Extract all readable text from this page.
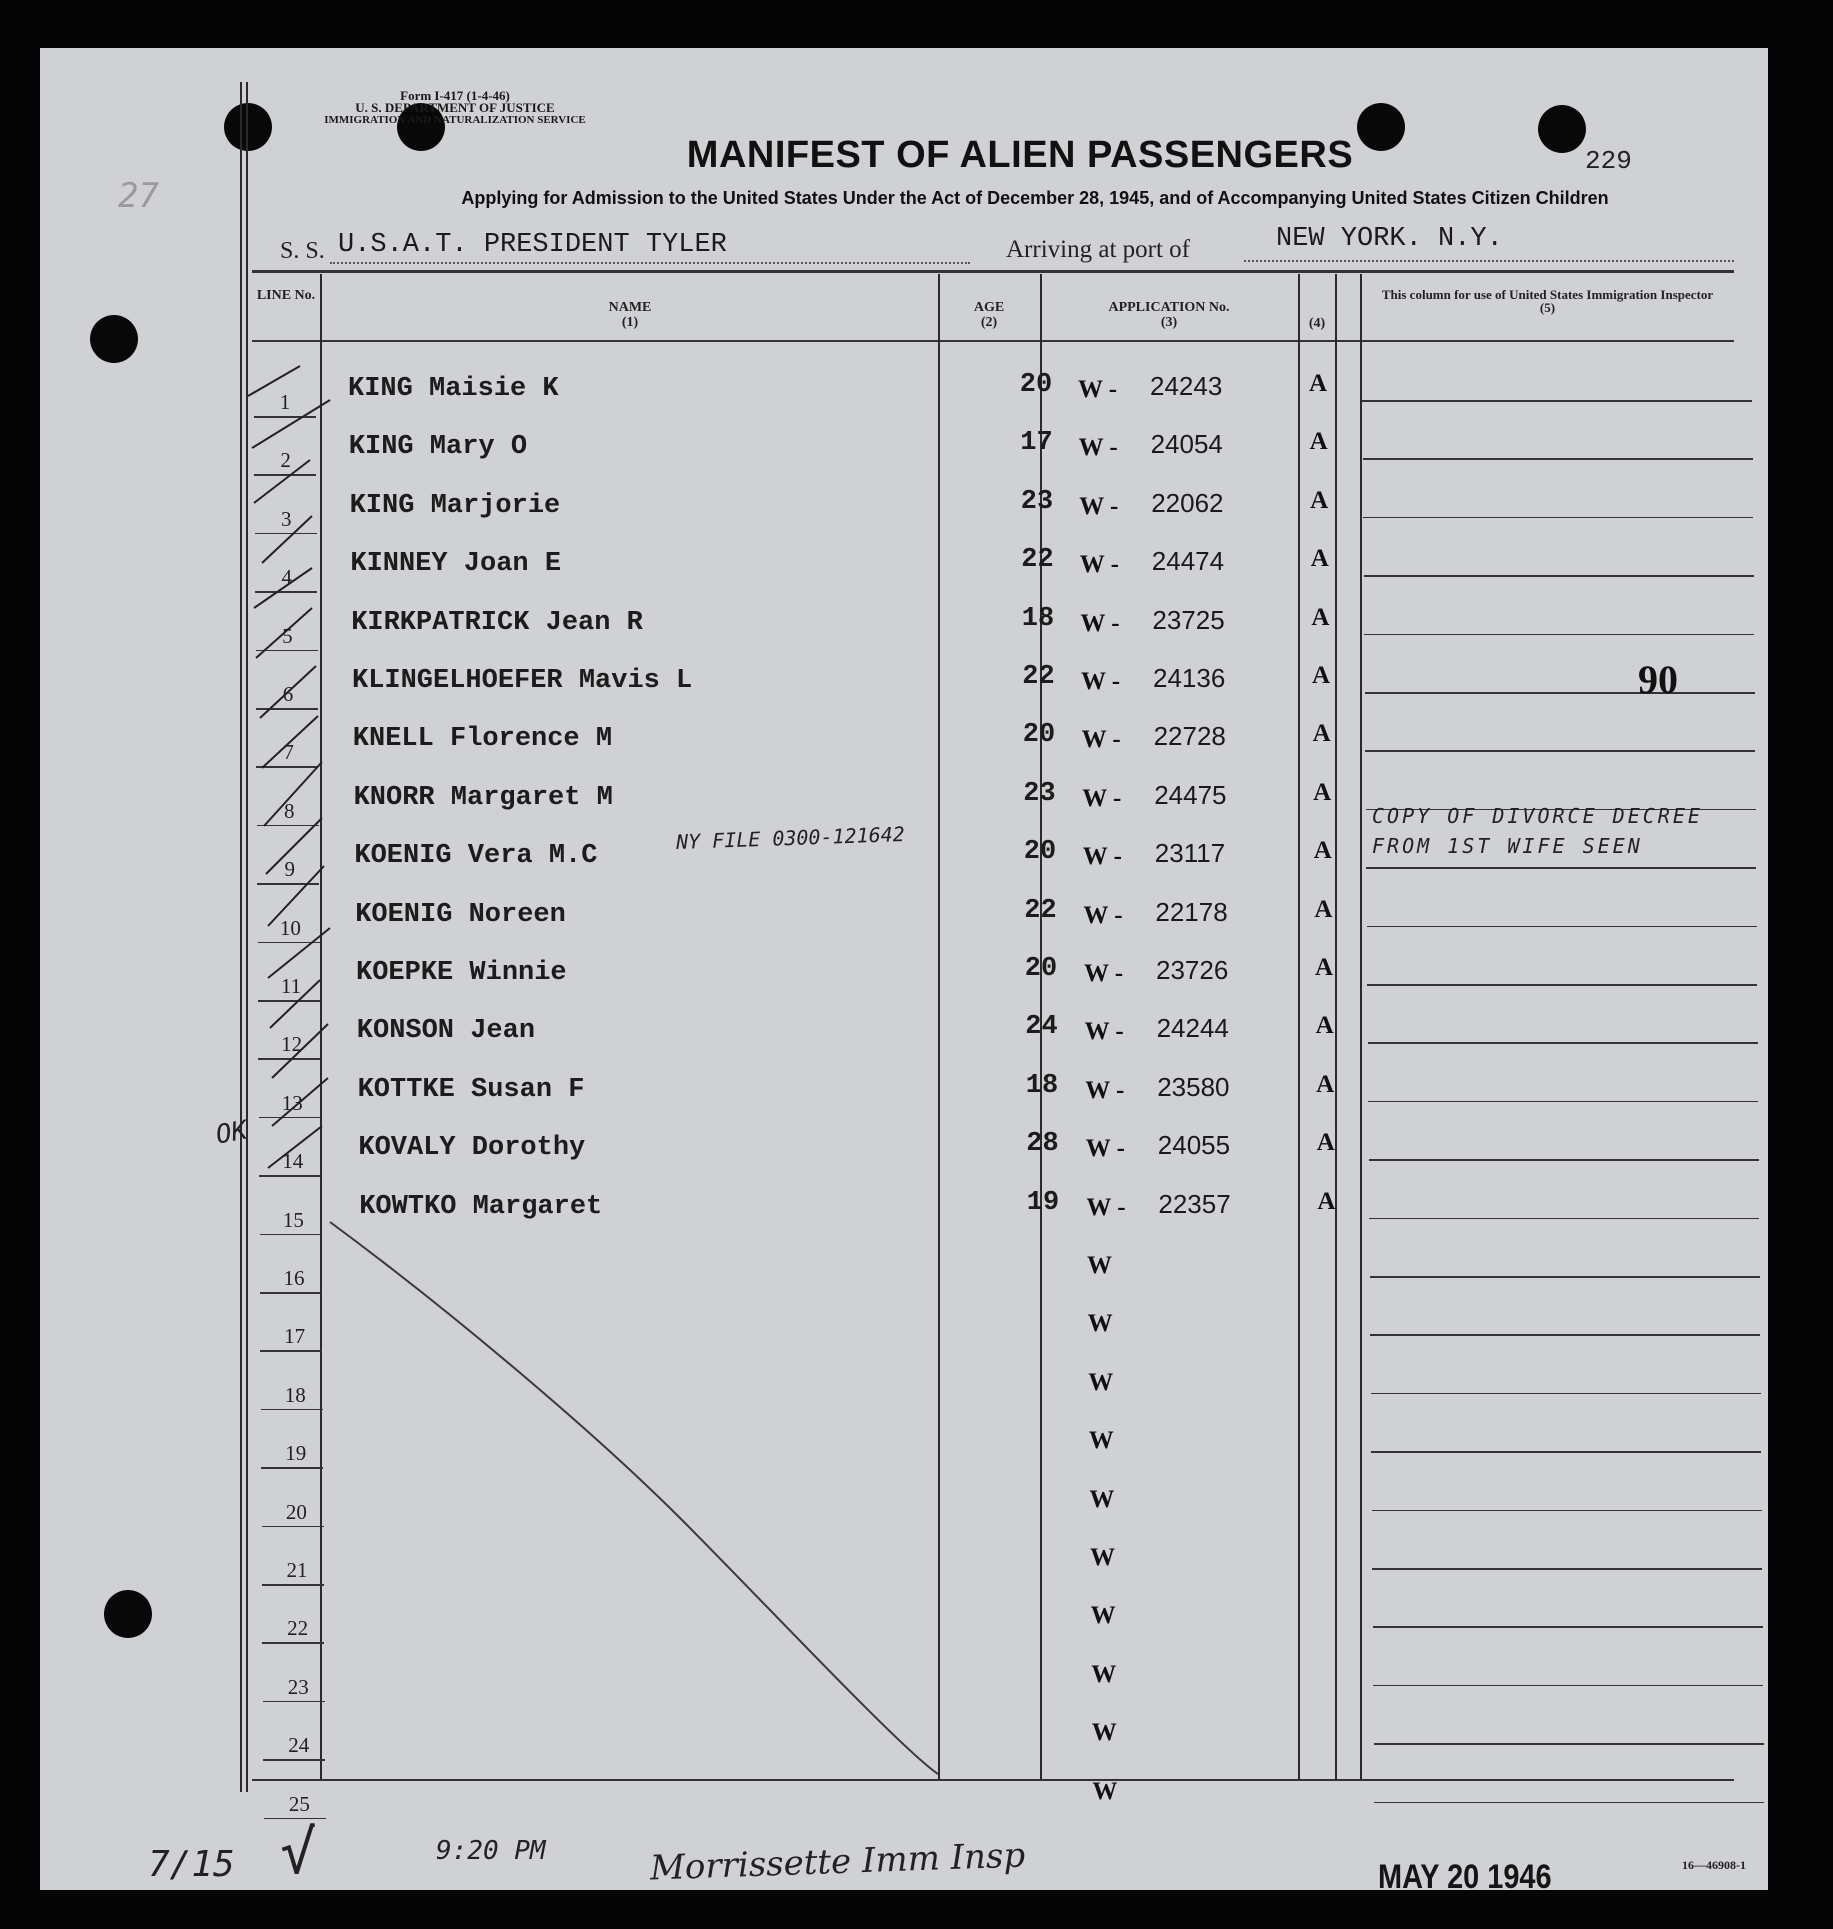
Form I-417 (1-4-46)
U. S. DEPARTMENT OF JUSTICE
IMMIGRATION AND NATURALIZATION SERVICE
MANIFEST OF ALIEN PASSENGERS	229
Applying for Admission to the United States Under the Act of December 28, 1945, and of Accompanying United States Citizen Children
S. S. U.S.A.T. PRESIDENT TYLER	Arriving at port of	NEW YORK. N.Y.
LINE No.
NAME
(1)
AGE
(2)
APPLICATION No.
(3)	(4)
This column for use of United States Immigration Inspector
(5)
1	KING Maisie K	20	W - 24243	A
2	KING Mary O	17	W - 24054	A
3	KING Marjorie	23	W - 22062	A
4	KINNEY Joan E	22	W - 24474	A
5	KIRKPATRICK Jean R	18	W - 23725	A
6	KLINGELHOEFER Mavis L	22	W - 24136	A
7	KNELL Florence M	20	W - 22728	A
8	KNORR Margaret M	23	W - 24475	A
9	KOENIG Vera M.C	20	W - 23117	A
10	KOENIG Noreen	22	W - 22178	A
11	KOEPKE Winnie	20	W - 23726	A
12	KONSON Jean	24	W - 24244	A
13	KOTTKE Susan F	18	W - 23580	A
14	KOVALY Dorothy	28	W - 24055	A
15	KOWTKO Margaret	19	W - 22357	A
16	W
17	W
18	W
19	W
20	W
21	W
22	W
23	W
24	W
25	W
NY FILE 0300-121642
COPY OF DIVORCE DECREE
FROM 1ST WIFE SEEN
90
OK
27
7/15 √	9:20 PM	Morrissette Imm Insp	MAY 20 1946	16—46908-1
